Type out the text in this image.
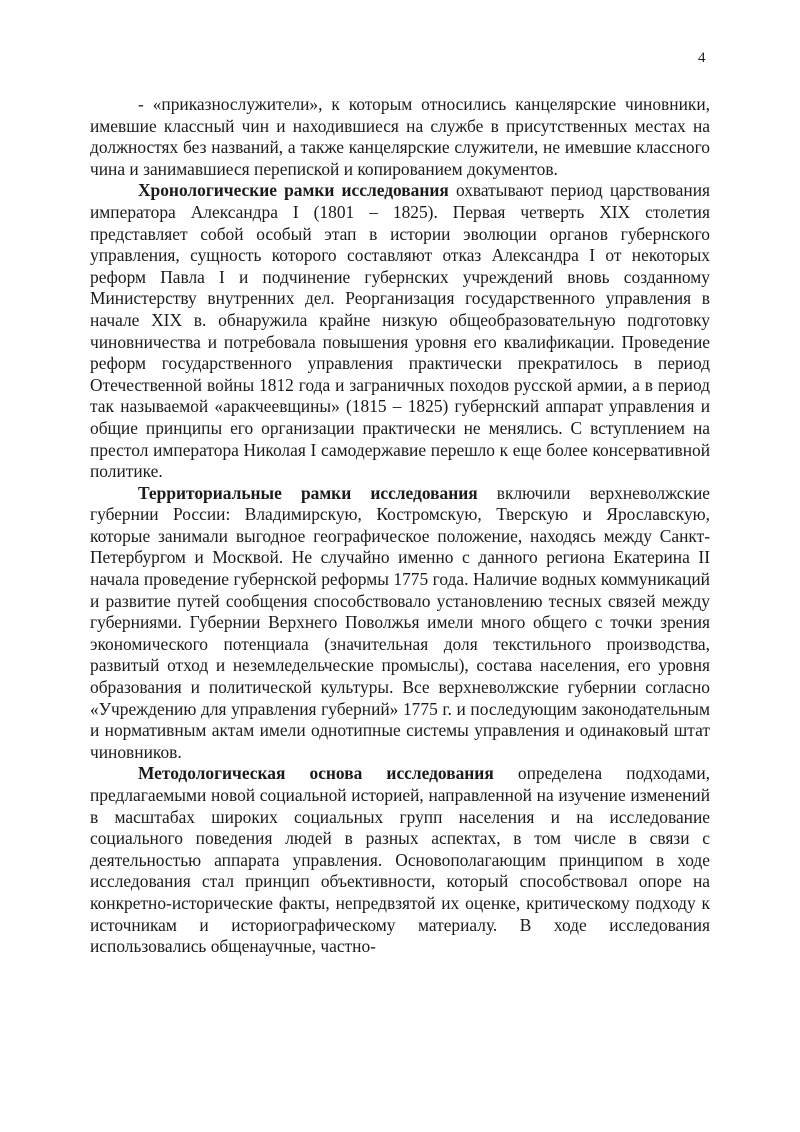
4

- «приказнослужители», к которым относились канцелярские чиновники, имевшие классный чин и находившиеся на службе в присутственных местах на должностях без названий, а также канцелярские служители, не имевшие классного чина и занимавшиеся перепиской и копированием документов.

Хронологические рамки исследования охватывают период царствования императора Александра I (1801 – 1825). Первая четверть XIX столетия представляет собой особый этап в истории эволюции органов губернского управления, сущность которого составляют отказ Александра I от некоторых реформ Павла I и подчинение губернских учреждений вновь созданному Министерству внутренних дел. Реорганизация государственного управления в начале XIX в. обнаружила крайне низкую общеобразовательную подготовку чиновничества и потребовала повышения уровня его квалификации. Проведение реформ государственного управления практически прекратилось в период Отечественной войны 1812 года и заграничных походов русской армии, а в период так называемой «аракчеевщины» (1815 – 1825) губернский аппарат управления и общие принципы его организации практически не менялись. С вступлением на престол императора Николая I самодержавие перешло к еще более консервативной политике.

Территориальные рамки исследования включили верхневолжские губернии России: Владимирскую, Костромскую, Тверскую и Ярославскую, которые занимали выгодное географическое положение, находясь между Санкт-Петербургом и Москвой. Не случайно именно с данного региона Екатерина II начала проведение губернской реформы 1775 года. Наличие водных коммуникаций и развитие путей сообщения способствовало установлению тесных связей между губерниями. Губернии Верхнего Поволжья имели много общего с точки зрения экономического потенциала (значительная доля текстильного производства, развитый отход и неземледельческие промыслы), состава населения, его уровня образования и политической культуры. Все верхневолжские губернии согласно «Учреждению для управления губерний» 1775 г. и последующим законодательным и нормативным актам имели однотипные системы управления и одинаковый штат чиновников.

Методологическая основа исследования определена подходами, предлагаемыми новой социальной историей, направленной на изучение изменений в масштабах широких социальных групп населения и на исследование социального поведения людей в разных аспектах, в том числе в связи с деятельностью аппарата управления. Основополагающим принципом в ходе исследования стал принцип объективности, который способствовал опоре на конкретно-исторические факты, непредвзятой их оценке, критическому подходу к источникам и историографическому материалу. В ходе исследования использовались общенаучные, частно-
